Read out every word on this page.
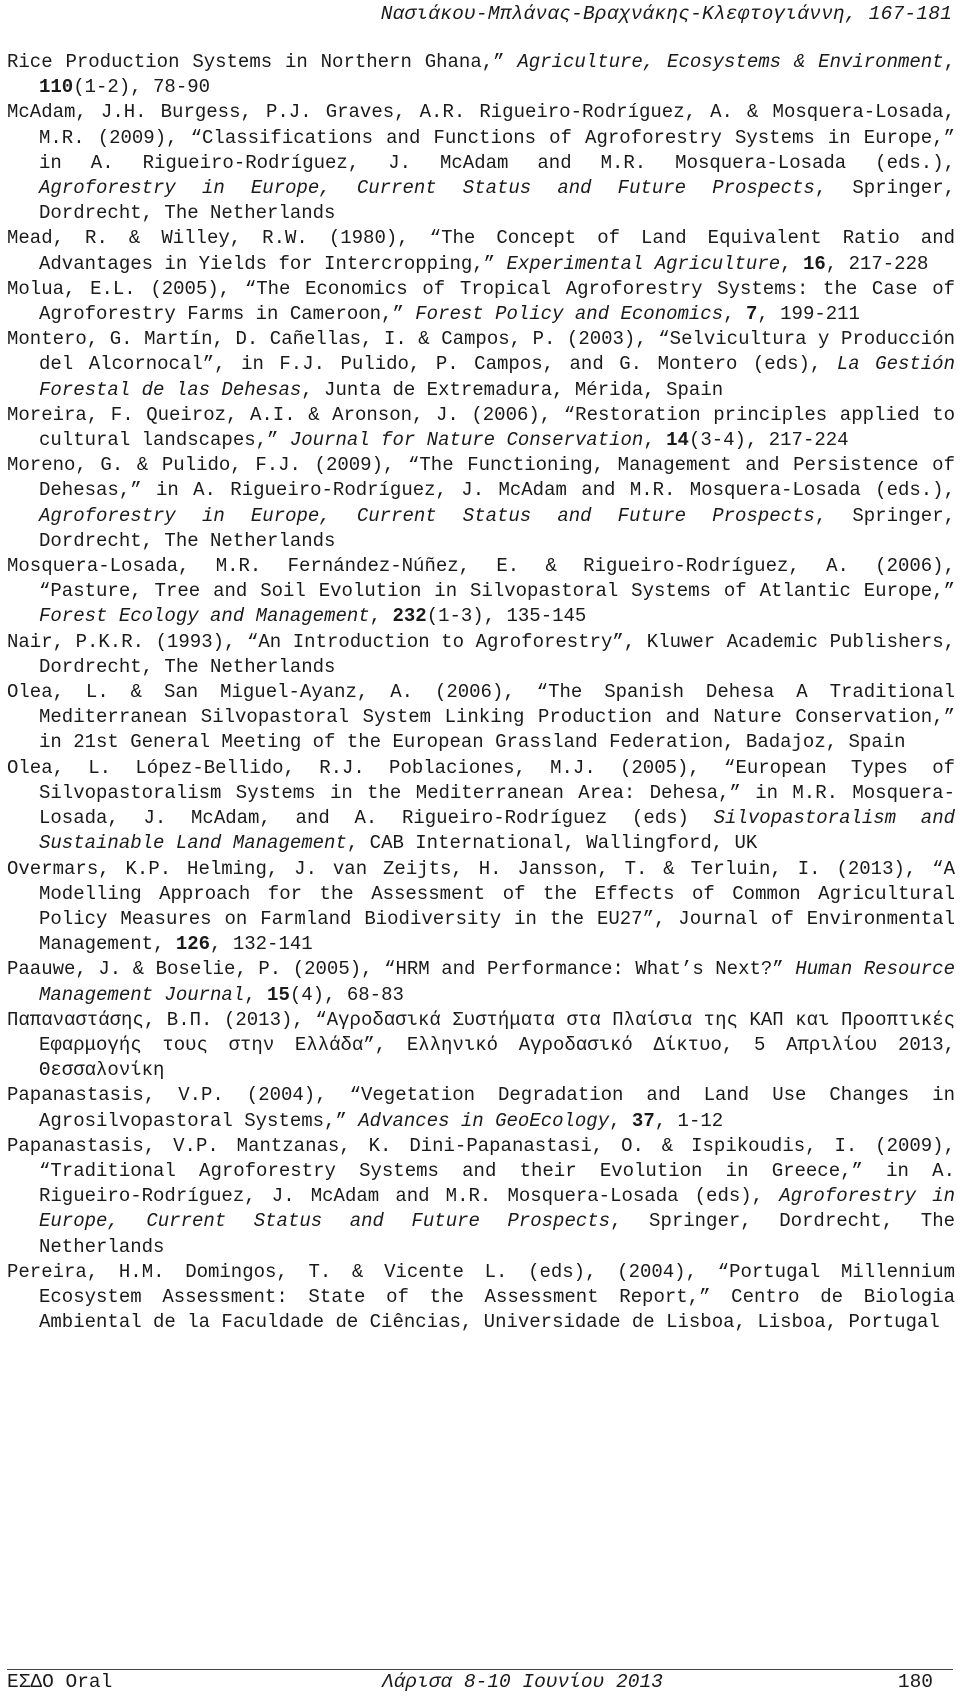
Νασιάκου-Μπλάνας-Βραχνάκης-Κλεφτογιάννη, 167-181
Rice Production Systems in Northern Ghana,” Agriculture, Ecosystems & Environment, 110(1-2), 78-90
McAdam, J.H. Burgess, P.J. Graves, A.R. Rigueiro-Rodríguez, A. & Mosquera-Losada, M.R. (2009), “Classifications and Functions of Agroforestry Systems in Europe,” in A. Rigueiro-Rodríguez, J. McAdam and M.R. Mosquera-Losada (eds.), Agroforestry in Europe, Current Status and Future Prospects, Springer, Dordrecht, The Netherlands
Mead, R. & Willey, R.W. (1980), “The Concept of Land Equivalent Ratio and Advantages in Yields for Intercropping,” Experimental Agriculture, 16, 217-228
Molua, E.L. (2005), “The Economics of Tropical Agroforestry Systems: the Case of Agroforestry Farms in Cameroon,” Forest Policy and Economics, 7, 199-211
Montero, G. Martín, D. Cañellas, I. & Campos, P. (2003), “Selvicultura y Producción del Alcornocal”, in F.J. Pulido, P. Campos, and G. Montero (eds), La Gestión Forestal de las Dehesas, Junta de Extremadura, Mérida, Spain
Moreira, F. Queiroz, A.I. & Aronson, J. (2006), “Restoration principles applied to cultural landscapes,” Journal for Nature Conservation, 14(3-4), 217-224
Moreno, G. & Pulido, F.J. (2009), “The Functioning, Management and Persistence of Dehesas,” in A. Rigueiro-Rodríguez, J. McAdam and M.R. Mosquera-Losada (eds.), Agroforestry in Europe, Current Status and Future Prospects, Springer, Dordrecht, The Netherlands
Mosquera-Losada, M.R. Fernández-Núñez, E. & Rigueiro-Rodríguez, A. (2006), “Pasture, Tree and Soil Evolution in Silvopastoral Systems of Atlantic Europe,” Forest Ecology and Management, 232(1-3), 135-145
Nair, P.K.R. (1993), “An Introduction to Agroforestry”, Kluwer Academic Publishers, Dordrecht, The Netherlands
Olea, L. & San Miguel-Ayanz, A. (2006), “The Spanish Dehesa A Traditional Mediterranean Silvopastoral System Linking Production and Nature Conservation,” in 21st General Meeting of the European Grassland Federation, Badajoz, Spain
Olea, L. López-Bellido, R.J. Poblaciones, M.J. (2005), “European Types of Silvopastoralism Systems in the Mediterranean Area: Dehesa,” in M.R. Mosquera-Losada, J. McAdam, and A. Rigueiro-Rodríguez (eds) Silvopastoralism and Sustainable Land Management, CAB International, Wallingford, UK
Overmars, K.P. Helming, J. van Zeijts, H. Jansson, T. & Terluin, I. (2013), “A Modelling Approach for the Assessment of the Effects of Common Agricultural Policy Measures on Farmland Biodiversity in the EU27”, Journal of Environmental Management, 126, 132-141
Paauwe, J. & Boselie, P. (2005), “HRM and Performance: What’s Next?” Human Resource Management Journal, 15(4), 68-83
Παπαναστάσης, Β.Π. (2013), “Αγροδασικά Συστήματα στα Πλαίσια της ΚΑΠ και Προοπτικές Εφαρμογής τους στην Ελλάδα”, Ελληνικό Αγροδασικό Δίκτυο, 5 Απριλίου 2013, Θεσσαλονίκη
Papanastasis, V.P. (2004), “Vegetation Degradation and Land Use Changes in Agrosilvopastoral Systems,” Advances in GeoEcology, 37, 1-12
Papanastasis, V.P. Mantzanas, K. Dini-Papanastasi, O. & Ispikoudis, I. (2009), “Traditional Agroforestry Systems and their Evolution in Greece,” in A. Rigueiro-Rodríguez, J. McAdam and M.R. Mosquera-Losada (eds), Agroforestry in Europe, Current Status and Future Prospects, Springer, Dordrecht, The Netherlands
Pereira, H.M. Domingos, T. & Vicente L. (eds), (2004), “Portugal Millennium Ecosystem Assessment: State of the Assessment Report,” Centro de Biologia Ambiental de la Faculdade de Ciências, Universidade de Lisboa, Lisboa, Portugal
ΕΣΔΟ Oral	Λάρισα 8-10 Ιουνίου 2013	180
